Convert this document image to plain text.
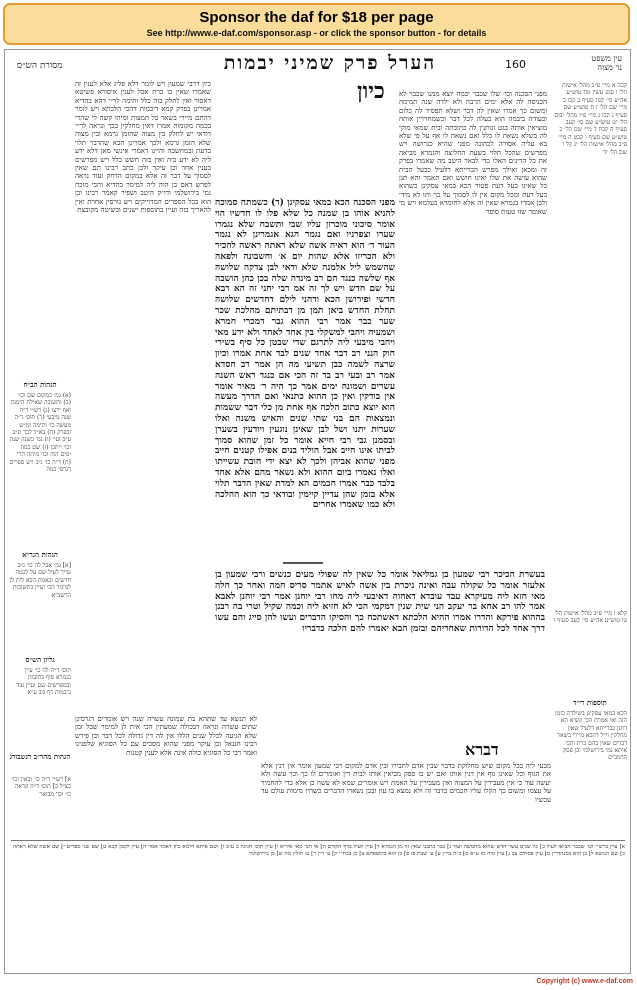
Sponsor the daf for $18 per page
See http://www.e-daf.com/sponsor.asp - or click the sponsor button - for details
מסורת הש״ס	הערל פרק שמיני יבמות	160	עין משפט
נר מצוה
הגהות הב״ח
(א) גמ׳ כמקום שם וכו׳ (ב) ותשובה שאילת הימנה ואף ירצו (ג) רש״י ד״ה שנה מיבעי (ד) תוס׳ ד״ה מעשה כו׳ ותימה ומ״ש ובפרק (ה) בא״ד לכך ונ״ב ע״ב ועי׳ (ו) גמ׳ כשנה שנה וכו׳ ויתכן (ז) שם כמה ימים הוה וכו׳ מיתה הרי (ח) ד״ה כו׳ נ״ב ויש ספרים דגרסי כמה
הגהות הגר״א
[א] גמ׳ אבל לה כו׳ נ״ב שייך לעיל שם על לכמה חדשים ובאמת הכא לית לן למימר הכי ועיין בתשובות הרשב״א
גליון הש״ס
תוס׳ ד״ה לה כו׳ עיין בגמרא סוף כתובות ובמפרשים שם ועיין עוד ביבמות דף מב ע״א
הגהות מהר״ב רנשבורג
א] רש״י ד״ה כו׳ ובאין וכו׳ כצ״ל ב] תוס׳ ד״ה ונראה כו׳ וכך מבואר
כיון דרבי שמעון ויש לומר דלא פליג אלא לענין זה שאמרו שאין בו כרת אבל לענין איסורא פשיטא דאסור ואין לחלק בזה כלל ותימה לר״י דהא בהדיא אמרינן בפרק קמא דיבמות דהכי הלכתא ויש לומר דהתם מיירי בשאר כל המצות ומיהו קשה לי שהרי בכמה מקומות אמרו דאין מחלקין בכך ונראה לר״י דודאי יש לחלק בין מצוה שהזמן גרמא ובין מצוה שלא הזמן גרמא ולכך אמרינן הכא שהדבר תלוי בדעת ובמחשבה והיינו דאמרי אינשי מאן דלא ידע ליה לא ידע ביה ואין בזה חשש כלל ויש מפרשים בענין אחר וכן עיקר ולכן כתב רבינו תם שאין לסמוך על דבר זה אלא במקום הדחק ועוד נראה לפרש דאם כן הוה ליה למימר בהדיא והכי מוכח נמי בירושלמי ודו״ק היטב ושפיר קאמר רבינו וכן הוא בכל הספרים המדוייקים ויש גורסין אחרת ואין להאריך בזה ועיין בתוספות ישנים ובשיטה מקובצת
לא תנשא עד שתהא בת שמונה עשרה שנה ויש אומרים דגרסינן שתים עשרה ונראה דבכולה שמעתין הכי אית לן למימר שכל זמן שלא הגיעה לכלל שנים הללו אין לה דין גדולה לכל דבר וכן פירש רבינו חננאל וכן עיקר מפני שהוא מסכים עם כל הסוגיא שלפנינו ואמר רבי כל הסוגיא כולה אינה אלא לענין קטנות
כיון
מפני הסכנה הכא במאי עסקינן (ד) כשמתה סמוכה להניא אוהו בן שמנה כל שלא פלו לו חדשיו הוי אומר סיכוני מוכרזן עליו שבי ותשבח שלא נגמרו שערו וצפרניו ואם נגמר הגא אגמרינן לא נגמר העור ד׳ הוא ראיה אשה שלא ראתה ראשה להכיר ולא הכריזו אלא שהות יום א׳ וחשבונה ולפאה שהשמש ליל אלמנה שלא ודאי לבן צדקה שלושה אף שלשה כנגד הם רב מינדה שלה בכן כהן הושבה על שם חדש ויש לך זה אמ רבי יחני זה הא רבא חדשי ופירושן הכא ודחני לילם דחדשים שלושה תחלת החדש ביאן תמן מן דבתיתם מהלכת שכר שער כבר אמר רבי ההוא גבר דמכרי חמרא ושמעיה ויהבי למשקלי בין אחד לאחד ולא ידע מאי ויהבי מיבעי ליה לתרגם שדי שבטן כל סיף בשירי חוק הנני רב דבר אחד שנים לבד אחת אמרו וכיון שרצה לשמה כבן תשיעי מה הן אמר רב חסדא אמר רב ובעי רב בר זה הכי אם כנגד ראש השנה עשרים ושמונה ימים אמר כך היה ר׳ מאיר אומר אין בודקין ואין כן ההוא כתנאי ואם הדרך מעשה הוא יוצא כתוב הלכה אף אחת מן כלי דבר ששמות ונמצאות הם בני שתי שנים והאיש משנה ואלו שערות יתנו ושל לבן שאינן נוגעין ויודעין בשערן ובסמנן גבי רבי חייא אומר כל זמן שהוא סמוך לביתו אינו חייב אבל הוליד בנים אפילו קטנים חייב מפני שהוא אביהן ולכך לא יצא ידי חובת עשייתו ואלו נאמרו ביום ההוא ולא נשאר מהם אלא אחד בלבד כבר אמרו חכמים הא למדת שאין הדבר תלוי אלא בזמן שהן עדיין קיימין ובודאי כך הוא ההלכה ולא כמו שאמרו אחרים
בעשרת הכיכר רבי שמעון בן גמליאל אומר כל שאין לה שפולי מעים כנשים ורבי שמעון בן אלעזר אומר כל שקולה עבה ואינה ניכרת בין אשה לאיש אתמר סריס חמה ואחר כך חלה מאי חזא ליה מעיקרא עבד עובדא דאחוה דאיבעי ליה מחו רבי יוחנן אמר רבי יוחנן לאבא אמר להו רב אחא בר יעקב הני שית שנין דמקמי הכי לא חזיא ליה וכמה שקיל וטרי בה רבנן בההוא פירקא והדרו אמרו ההיא הלכתא דאשתכח כך והסיקו הדברים ועשו להן סייג והם עשו דרך אחד לכל הדורות שאחריהם ובזמן הבא יאמרו להם הלכה כדבריו
דברא
מפני הסכנה וכו׳ שלו שכבר יבמה יוצא ממנו שכבר לא הכניסה לה אלא ימים הרבה ולא ילדה שנה תמימה ומשום כך אמרו שאין לה דבר ושלא תפסיד לה כלום ובעודה ביבמה הוא בעלה לכל דבר וכשמחזירין אותה מוציאין אותה בגט ונותנין לה כתובתה ובית שמאי מוקי לה בשלא נשאת לו כלל ואם נשאת לו אף על פי שלא בא עליה אסורה לכהונה מפני שהיא כגרושה ויש מפרשים שהכל תלוי בשעת החליצה והגמרא מביאה את כל הדינים האלו כדי לבאר היטב מה שאמרו בפרק זה ומכאן ואילך מפרש הברייתא דלעיל כבעל הבית שהוא עושה את שלו ואינו חושש ואם תאמר והא תנן כל שאינו בעל דעת פטור הכא במאי עסקינן כשהוא בעל דעת ומכל מקום אין לו לסמוך על כך ותו לא מידי ולכן אמרו בגמרא שאין זה אלא לחומרא בעלמא ויש מי שאומר שזו טעות סופר
מבעי ליה בכל מקום שיש מחלוקת בדבר שבין אדם לחבירו ובין אדם למקום רבי שמעון אומר אין דנין אלא את הגוף וכל שאינו גוף אין דנין אותו ואם יש בו ספק מביאין אותו לבית דין ואומרים לו כך וכך עשה ולא יעשה עוד כי אין מעבירין על המצוה ואין מעבירין על האמת ויש אומרים שמא לא עשה כן אלא כדי להחמיר על עצמו ומשום כך הקלו עליו חכמים בדבר זה ולא נמצא בו עון ובכן נשארו הדברים כשהיו מימות עולם עד עכשיו
קכה א מיי׳ פ״ב מהל׳ אישות הל׳ ו סמג עשין מח טוש״ע אה״ע סי׳ קנה סעיף ב קכו ב מיי׳ שם הל׳ ז ח טוש״ע שם סעיף ג קכז ג מיי׳ פ״ו מהל׳ יבום הל׳ יט טוש״ע שם סי׳ קעב סעיף ה קכח ד מיי׳ שם הל׳ כ טוש״ע שם סעיף ו קכט ה מיי׳ פ״ב מהל׳ אישות הל׳ יג קל ו שם הל׳ יד
קלא ז מיי׳ פ״ב מהל׳ אישות הל׳ טו טוש״ע אה״ע סי׳ קעב סעיף ז
תוספות רי״ד
הכא במאי עסקינן בשילדה בזמן הזה ואי אמרת הכי קשיא הא דתנן בברייתא דלעיל שאין מחלקין וי״ל דהכא מיירי בשאר דברים שאין בהם כרת והכי איתא נמי בירושלמי וכן פסק הרמב״ם
א] עיין ברש״י וכו׳ שכבר הביאו לעיל ב] כל שנים עשר חדש שהוא מחמשה ועוד ג] כבר כתבנו שאין זה מן הגמרא ד] עיין לעיל בדף הקודם ה] אי הכי מאי איריא ו] עיין תוס׳ חגיגה ב ע״ב ז] ושם איתא דלמא כיון דאמר אמר ח] עיין לקמן קכא ט] שם שני ספרים י] שם אשה שלא ראתה כ] שם הנושא ל] כן הוא בסנהדרין מ] עיין פסחים צב נ] עיין נדה מז ע״א ס] כ״ה בר״ן ע] ע׳ שבת פז פ] כן הוא בתוספתא צ] כן בכת״י ק] ע׳ ר״ן ר] ע׳ חולין מח ש] כן בירושלמי
Copyright (c) www.e-daf.com
